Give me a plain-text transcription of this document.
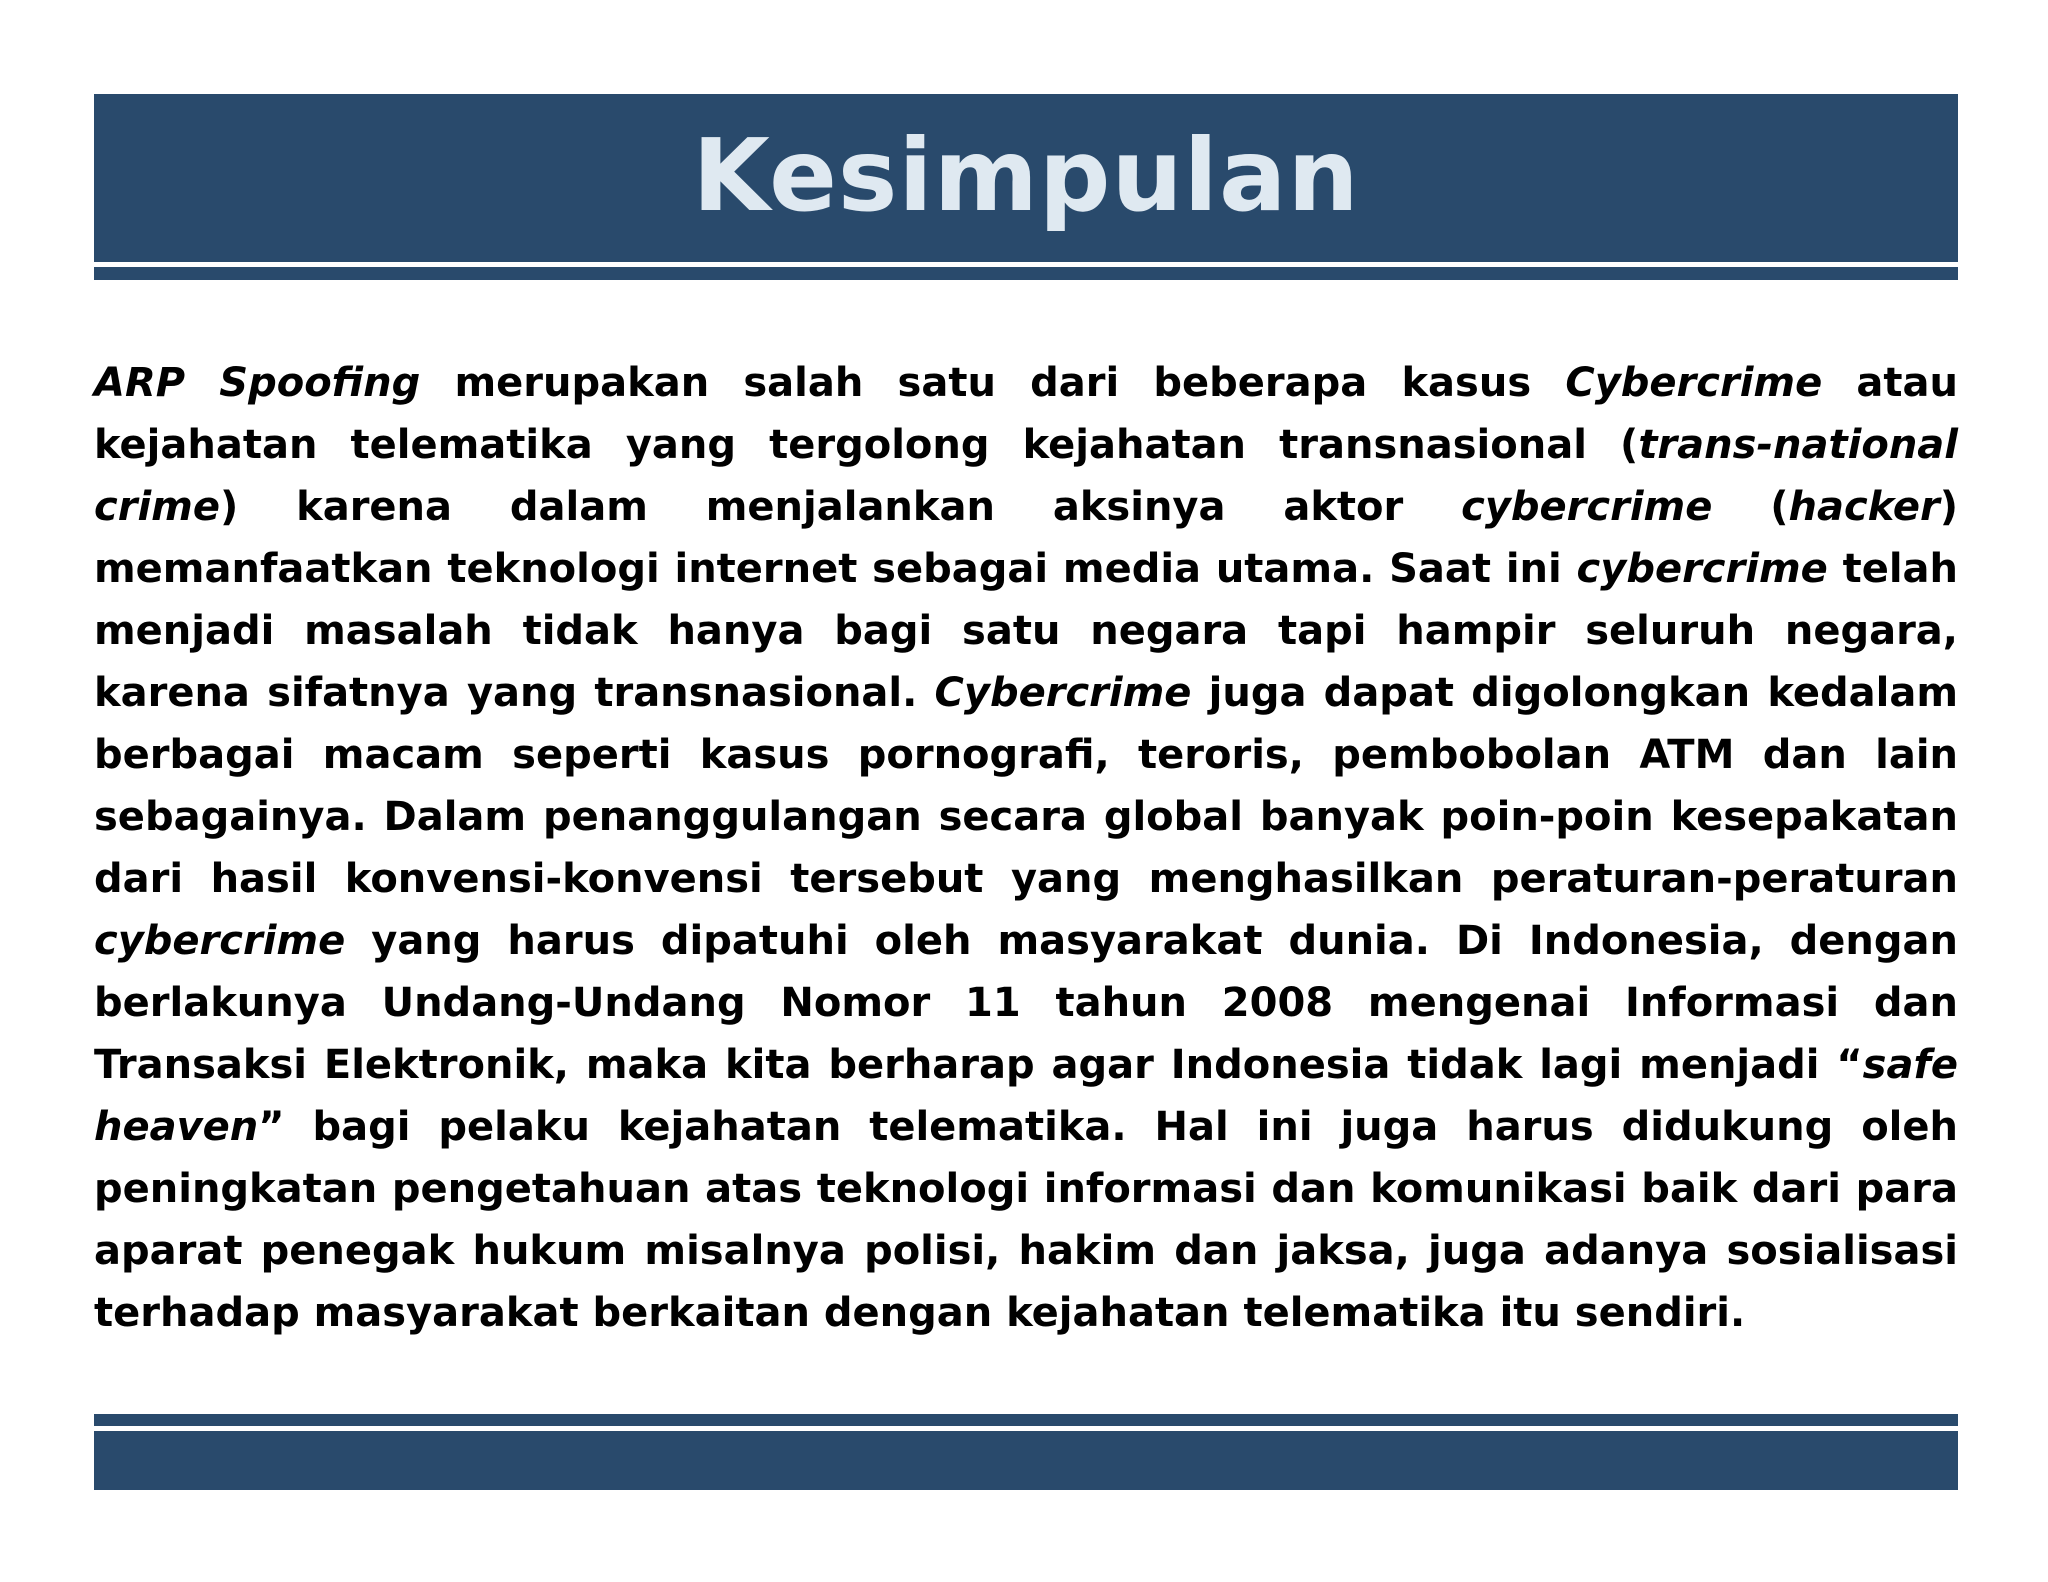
Kesimpulan

ARP Spoofing merupakan salah satu dari beberapa kasus Cybercrime atau kejahatan telematika yang tergolong kejahatan transnasional (trans-national crime) karena dalam menjalankan aksinya aktor cybercrime (hacker) memanfaatkan teknologi internet sebagai media utama. Saat ini cybercrime telah menjadi masalah tidak hanya bagi satu negara tapi hampir seluruh negara, karena sifatnya yang transnasional. Cybercrime juga dapat digolongkan kedalam berbagai macam seperti kasus pornografi, teroris, pembobolan ATM dan lain sebagainya. Dalam penanggulangan secara global banyak poin-poin kesepakatan dari hasil konvensi-konvensi tersebut yang menghasilkan peraturan-peraturan cybercrime yang harus dipatuhi oleh masyarakat dunia. Di Indonesia, dengan berlakunya Undang-Undang Nomor 11 tahun 2008 mengenai Informasi dan Transaksi Elektronik, maka kita berharap agar Indonesia tidak lagi menjadi “safe heaven” bagi pelaku kejahatan telematika. Hal ini juga harus didukung oleh peningkatan pengetahuan atas teknologi informasi dan komunikasi baik dari para aparat penegak hukum misalnya polisi, hakim dan jaksa, juga adanya sosialisasi terhadap masyarakat berkaitan dengan kejahatan telematika itu sendiri.
